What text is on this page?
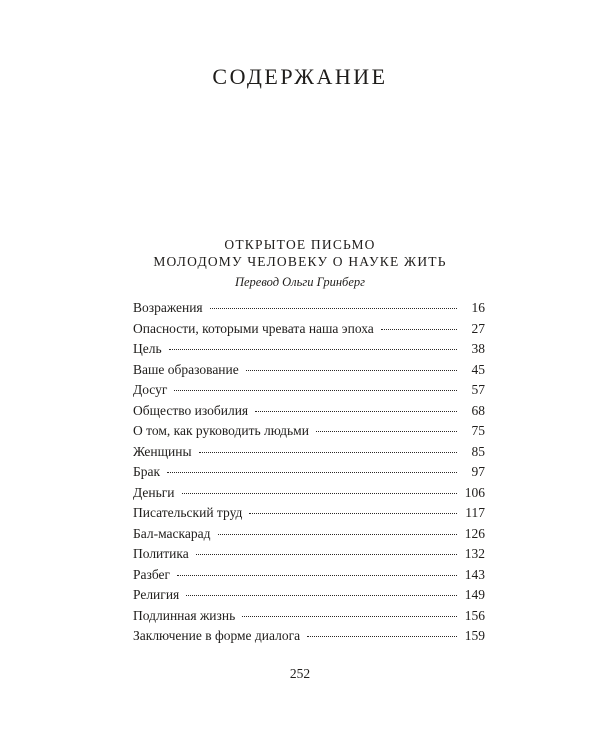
СОДЕРЖАНИЕ
ОТКРЫТОЕ ПИСЬМО
МОЛОДОМУ ЧЕЛОВЕКУ О НАУКЕ ЖИТЬ
Перевод Ольги Гринберг
Возражения	16
Опасности, которыми чревата наша эпоха	27
Цель	38
Ваше образование	45
Досуг	57
Общество изобилия	68
О том, как руководить людьми	75
Женщины	85
Брак	97
Деньги	106
Писательский труд	117
Бал-маскарад	126
Политика	132
Разбег	143
Религия	149
Подлинная жизнь	156
Заключение в форме диалога	159
252
